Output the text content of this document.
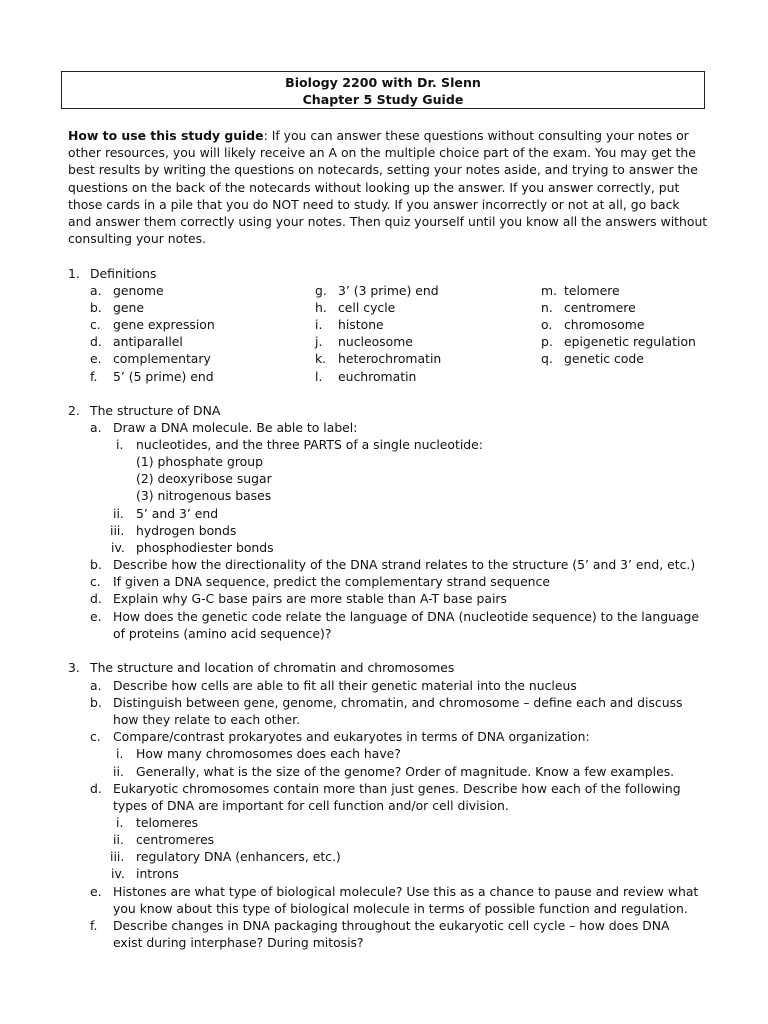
Biology 2200 with Dr. Slenn
Chapter 5 Study Guide
How to use this study guide: If you can answer these questions without consulting your notes or
other resources, you will likely receive an A on the multiple choice part of the exam. You may get the
best results by writing the questions on notecards, setting your notes aside, and trying to answer the
questions on the back of the notecards without looking up the answer. If you answer correctly, put
those cards in a pile that you do NOT need to study. If you answer incorrectly or not at all, go back
and answer them correctly using your notes. Then quiz yourself until you know all the answers without
consulting your notes.
1. Definitions
a. genome
b. gene
c. gene expression
d. antiparallel
e. complementary
f. 5’ (5 prime) end
g. 3’ (3 prime) end
h. cell cycle
i. histone
j. nucleosome
k. heterochromatin
l. euchromatin
m. telomere
n. centromere
o. chromosome
p. epigenetic regulation
q. genetic code
2. The structure of DNA
a. Draw a DNA molecule. Be able to label:
i. nucleotides, and the three PARTS of a single nucleotide:
(1) phosphate group
(2) deoxyribose sugar
(3) nitrogenous bases
ii. 5’ and 3’ end
iii. hydrogen bonds
iv. phosphodiester bonds
b. Describe how the directionality of the DNA strand relates to the structure (5’ and 3’ end, etc.)
c. If given a DNA sequence, predict the complementary strand sequence
d. Explain why G-C base pairs are more stable than A-T base pairs
e. How does the genetic code relate the language of DNA (nucleotide sequence) to the language
of proteins (amino acid sequence)?
3. The structure and location of chromatin and chromosomes
a. Describe how cells are able to fit all their genetic material into the nucleus
b. Distinguish between gene, genome, chromatin, and chromosome – define each and discuss
how they relate to each other.
c. Compare/contrast prokaryotes and eukaryotes in terms of DNA organization:
i. How many chromosomes does each have?
ii. Generally, what is the size of the genome? Order of magnitude. Know a few examples.
d. Eukaryotic chromosomes contain more than just genes. Describe how each of the following
types of DNA are important for cell function and/or cell division.
i. telomeres
ii. centromeres
iii. regulatory DNA (enhancers, etc.)
iv. introns
e. Histones are what type of biological molecule? Use this as a chance to pause and review what
you know about this type of biological molecule in terms of possible function and regulation.
f. Describe changes in DNA packaging throughout the eukaryotic cell cycle – how does DNA
exist during interphase? During mitosis?
